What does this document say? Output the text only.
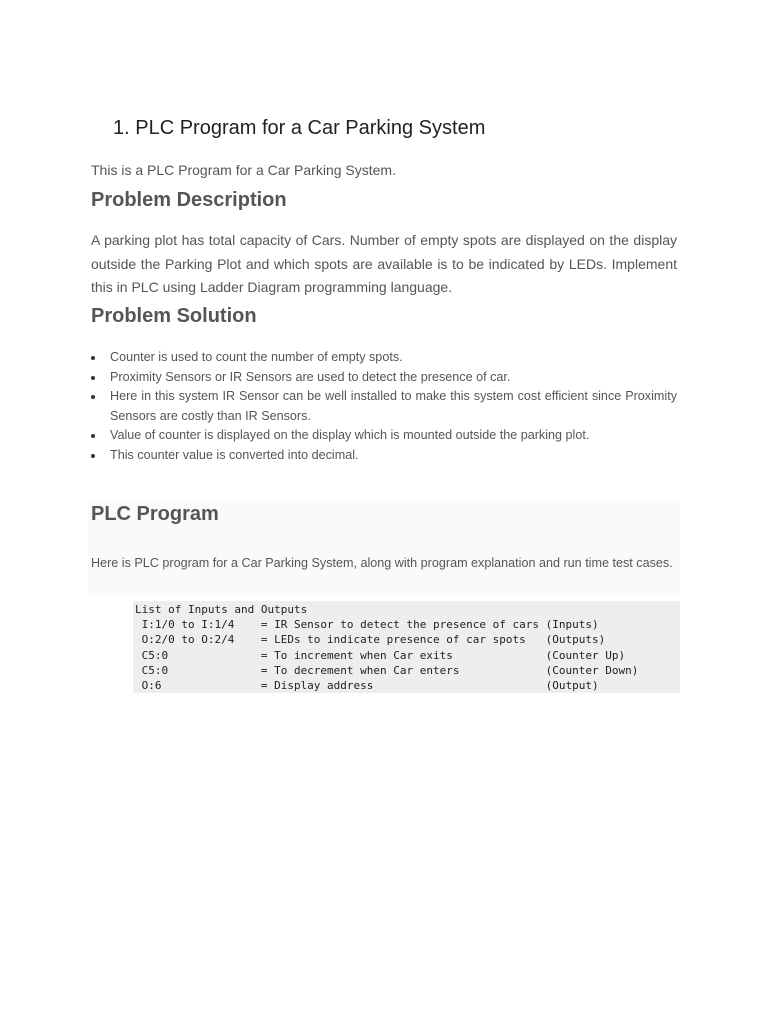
1. PLC Program for a Car Parking System

This is a PLC Program for a Car Parking System.

Problem Description

A parking plot has total capacity of Cars. Number of empty spots are displayed on the display outside the Parking Plot and which spots are available is to be indicated by LEDs. Implement this in PLC using Ladder Diagram programming language.

Problem Solution
Counter is used to count the number of empty spots.
Proximity Sensors or IR Sensors are used to detect the presence of car.
Here in this system IR Sensor can be well installed to make this system cost efficient since Proximity Sensors are costly than IR Sensors.
Value of counter is displayed on the display which is mounted outside the parking plot.
This counter value is converted into decimal.
PLC Program

Here is PLC program for a Car Parking System, along with program explanation and run time test cases.

List of Inputs and Outputs
I:1/0 to I:1/4    = IR Sensor to detect the presence of cars (Inputs)
O:2/0 to O:2/4    = LEDs to indicate presence of car spots   (Outputs)
C5:0              = To increment when Car exits              (Counter Up)
C5:0              = To decrement when Car enters             (Counter Down)
O:6               = Display address                          (Output)
